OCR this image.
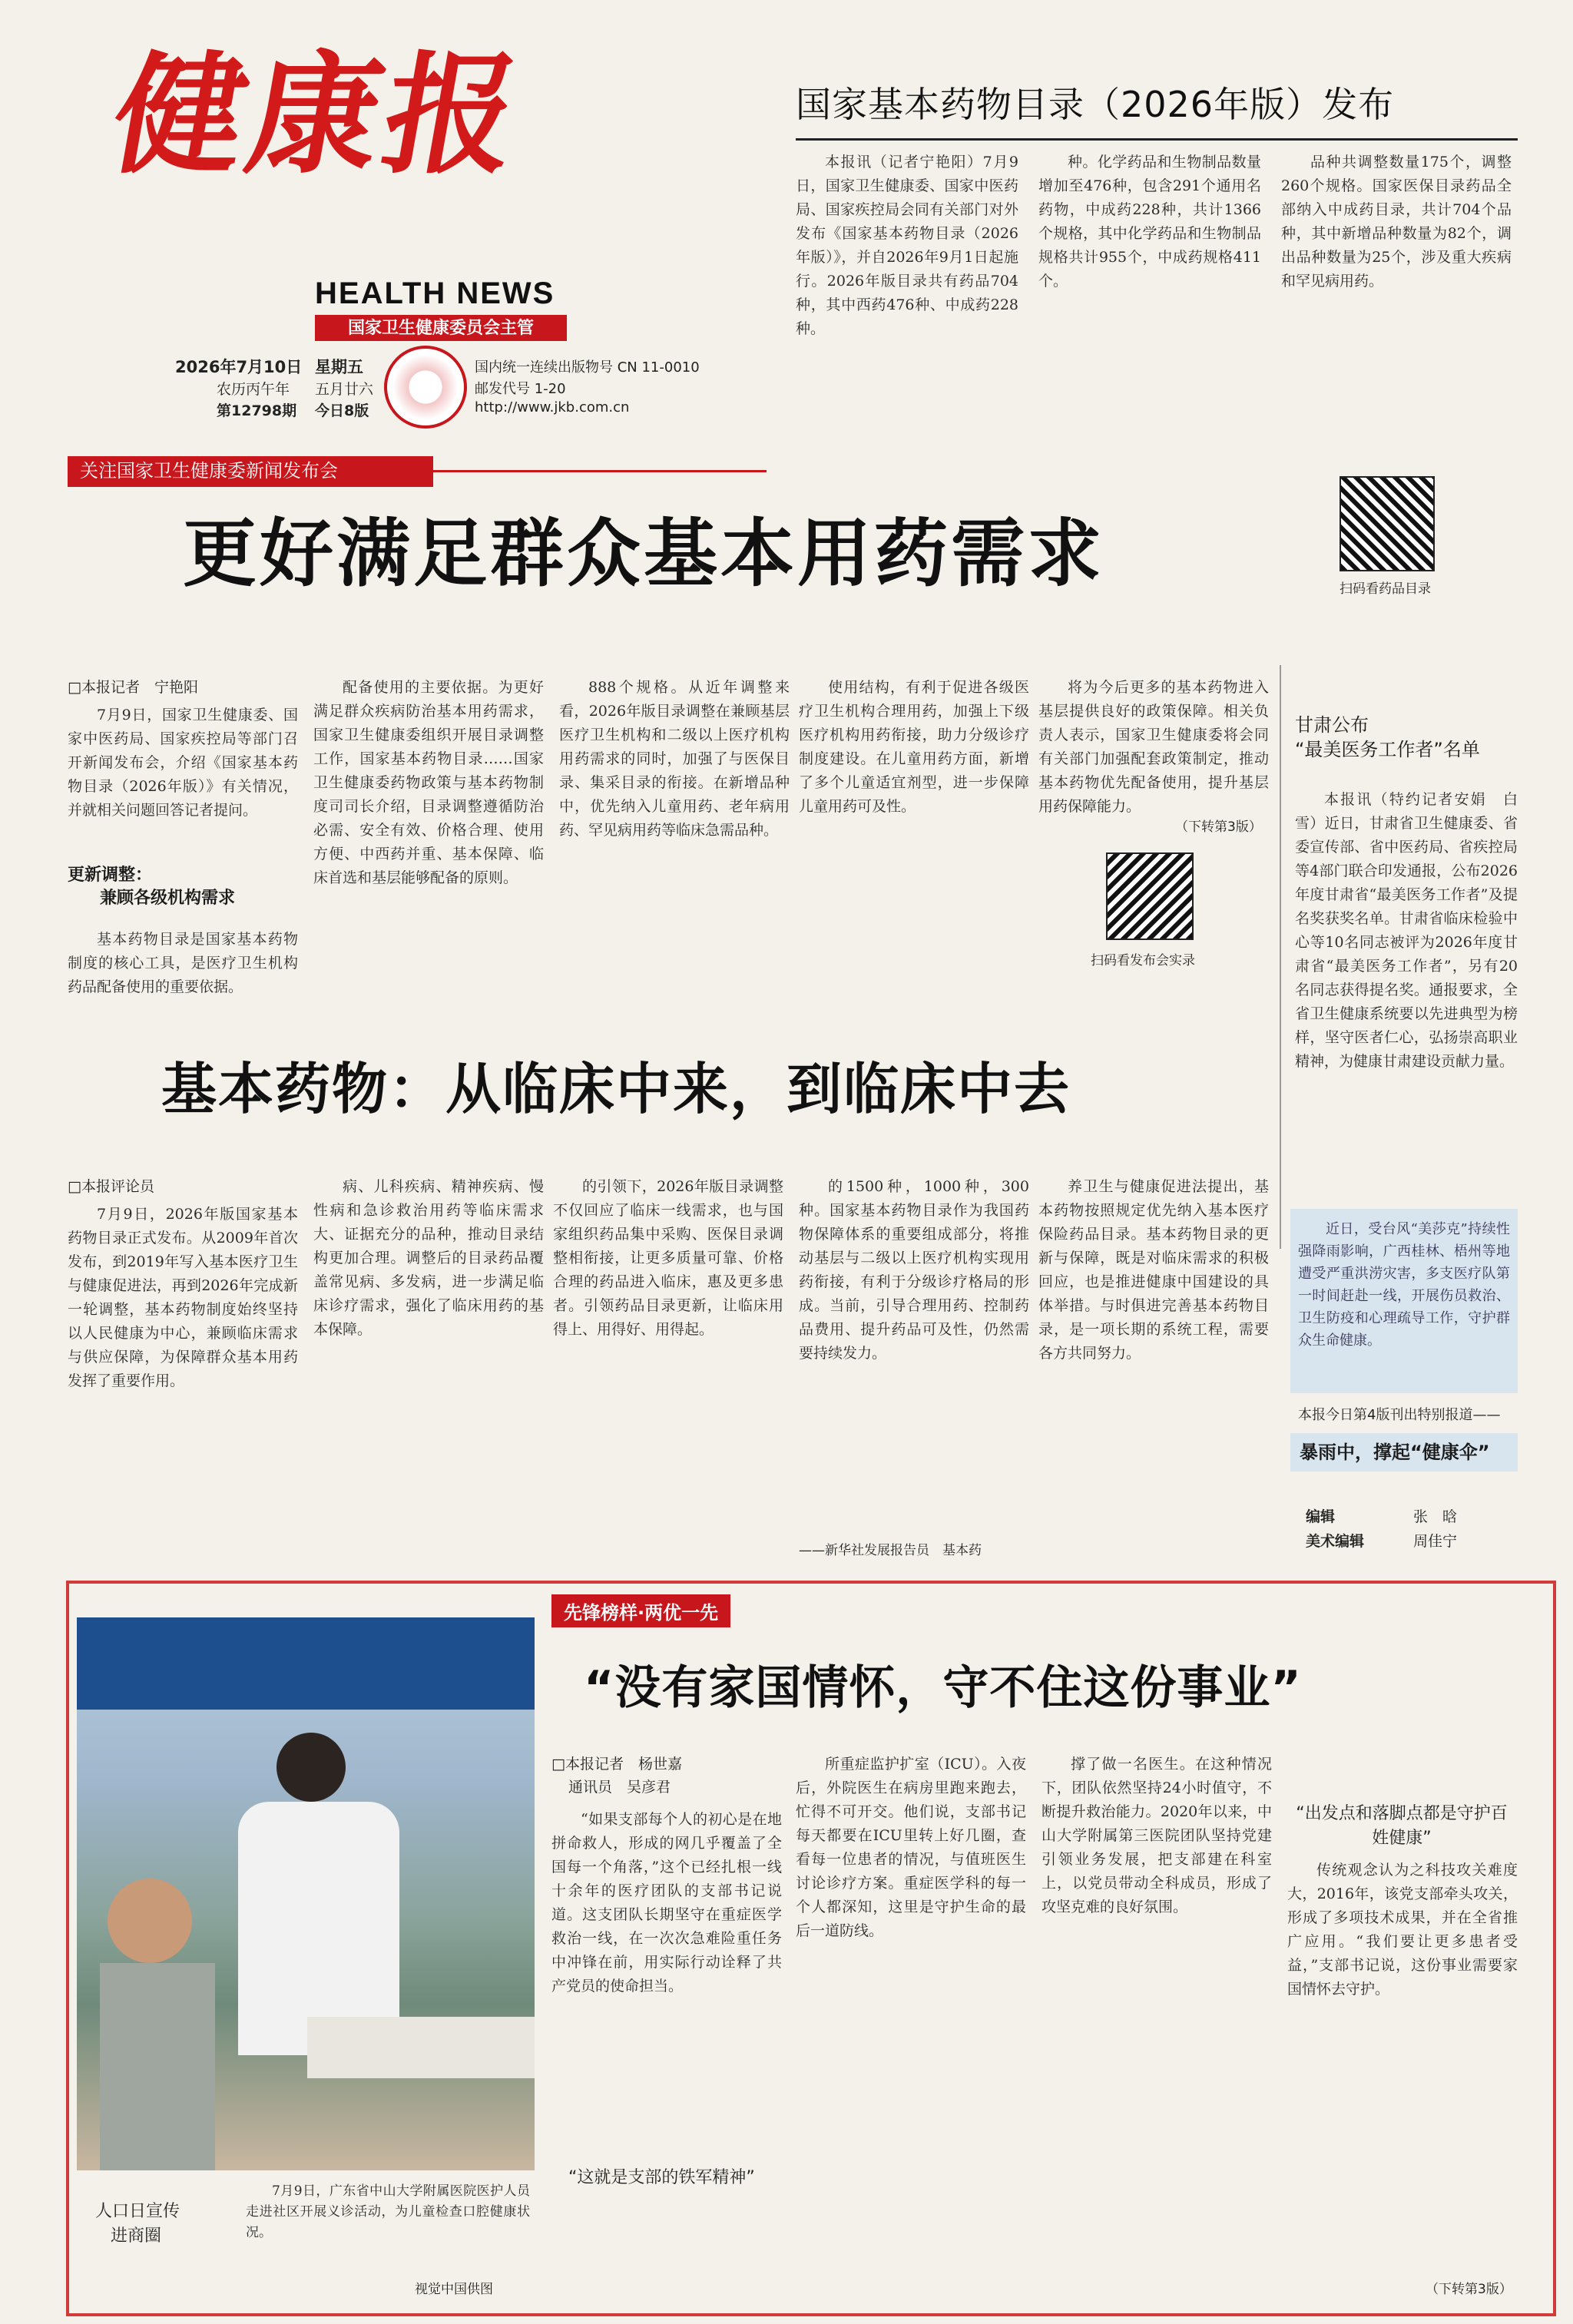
健康报
HEALTH NEWS
国家卫生健康委员会主管
2026年7月10日 星期五
农历丙午年 五月廿六
第12798期 今日8版
国内统一连续出版物号 CN 11-0010
邮发代号 1-20
http://www.jkb.com.cn
国家基本药物目录（2026年版）发布

本报讯（记者宁艳阳）7月9日，国家卫生健康委、国家中医药局、国家疾控局会同有关部门对外发布《国家基本药物目录（2026年版）》，并自2026年9月1日起施行。2026年版目录共有药品704种，其中西药476种、中成药228种。

种。化学药品和生物制品数量增加至476种，包含291个通用名药物，中成药228种，共计1366个规格，其中化学药品和生物制品规格共计955个，中成药规格411个。

品种共调整数量175个，调整260个规格。国家医保目录药品全部纳入中成药目录，共计704个品种，其中新增品种数量为82个，调出品种数量为25个，涉及重大疾病和罕见病用药。

扫码看药品目录
关注国家卫生健康委新闻发布会
更好满足群众基本用药需求
□本报记者　宁艳阳

7月9日，国家卫生健康委、国家中医药局、国家疾控局等部门召开新闻发布会，介绍《国家基本药物目录（2026年版）》有关情况，并就相关问题回答记者提问。

更新调整：
兼顾各级机构需求

基本药物目录是国家基本药物制度的核心工具，是医疗卫生机构药品配备使用的重要依据。

配备使用的主要依据。为更好满足群众疾病防治基本用药需求，国家卫生健康委组织开展目录调整工作，国家基本药物目录……国家卫生健康委药物政策与基本药物制度司司长介绍，目录调整遵循防治必需、安全有效、价格合理、使用方便、中西药并重、基本保障、临床首选和基层能够配备的原则。

888个规格。从近年调整来看，2026年版目录调整在兼顾基层医疗卫生机构和二级以上医疗机构用药需求的同时，加强了与医保目录、集采目录的衔接。在新增品种中，优先纳入儿童用药、老年病用药、罕见病用药等临床急需品种。

使用结构，有利于促进各级医疗卫生机构合理用药，加强上下级医疗机构用药衔接，助力分级诊疗制度建设。在儿童用药方面，新增了多个儿童适宜剂型，进一步保障儿童用药可及性。

将为今后更多的基本药物进入基层提供良好的政策保障。相关负责人表示，国家卫生健康委将会同有关部门加强配套政策制定，推动基本药物优先配备使用，提升基层用药保障能力。

（下转第3版）
扫码看发布会实录
甘肃公布
“最美医务工作者”名单

本报讯（特约记者安娟　白雪）近日，甘肃省卫生健康委、省委宣传部、省中医药局、省疾控局等4部门联合印发通报，公布2026年度甘肃省“最美医务工作者”及提名奖获奖名单。甘肃省临床检验中心等10名同志被评为2026年度甘肃省“最美医务工作者”，另有20名同志获得提名奖。通报要求，全省卫生健康系统要以先进典型为榜样，坚守医者仁心，弘扬崇高职业精神，为健康甘肃建设贡献力量。

基本药物：从临床中来，到临床中去
□本报评论员

7月9日，2026年版国家基本药物目录正式发布。从2009年首次发布，到2019年写入基本医疗卫生与健康促进法，再到2026年完成新一轮调整，基本药物制度始终坚持以人民健康为中心，兼顾临床需求与供应保障，为保障群众基本用药发挥了重要作用。

病、儿科疾病、精神疾病、慢性病和急诊救治用药等临床需求大、证据充分的品种，推动目录结构更加合理。调整后的目录药品覆盖常见病、多发病，进一步满足临床诊疗需求，强化了临床用药的基本保障。

的引领下，2026年版目录调整不仅回应了临床一线需求，也与国家组织药品集中采购、医保目录调整相衔接，让更多质量可靠、价格合理的药品进入临床，惠及更多患者。引领药品目录更新，让临床用得上、用得好、用得起。

的1500种，1000种，300种。国家基本药物目录作为我国药物保障体系的重要组成部分，将推动基层与二级以上医疗机构实现用药衔接，有利于分级诊疗格局的形成。当前，引导合理用药、控制药品费用、提升药品可及性，仍然需要持续发力。

养卫生与健康促进法提出，基本药物按照规定优先纳入基本医疗保险药品目录。基本药物目录的更新与保障，既是对临床需求的积极回应，也是推进健康中国建设的具体举措。与时俱进完善基本药物目录，是一项长期的系统工程，需要各方共同努力。

——新华社发展报告员　基本药

近日，受台风“美莎克”持续性强降雨影响，广西桂林、梧州等地遭受严重洪涝灾害，多支医疗队第一时间赶赴一线，开展伤员救治、卫生防疫和心理疏导工作，守护群众生命健康。

本报今日第4版刊出特别报道——
暴雨中，撑起“健康伞”
编辑	张　晗
美术编辑	周佳宁
人口日宣传
进商圈

7月9日，广东省中山大学附属医院医护人员走进社区开展义诊活动，为儿童检查口腔健康状况。

视觉中国供图
先锋榜样·两优一先
“没有家国情怀，守不住这份事业”
□本报记者　杨世嘉
通讯员　吴彦君

“如果支部每个人的初心是在地拼命救人，形成的网几乎覆盖了全国每一个角落，”这个已经扎根一线十余年的医疗团队的支部书记说道。这支团队长期坚守在重症医学救治一线，在一次次急难险重任务中冲锋在前，用实际行动诠释了共产党员的使命担当。

“这就是支部的铁军精神”

所重症监护扩室（ICU）。入夜后，外院医生在病房里跑来跑去，忙得不可开交。他们说，支部书记每天都要在ICU里转上好几圈，查看每一位患者的情况，与值班医生讨论诊疗方案。重症医学科的每一个人都深知，这里是守护生命的最后一道防线。

撑了做一名医生。在这种情况下，团队依然坚持24小时值守，不断提升救治能力。2020年以来，中山大学附属第三医院团队坚持党建引领业务发展，把支部建在科室上，以党员带动全科成员，形成了攻坚克难的良好氛围。

“出发点和落脚点都是守护百姓健康”

传统观念认为之科技攻关难度大，2016年，该党支部牵头攻关，形成了多项技术成果，并在全省推广应用。“我们要让更多患者受益，”支部书记说，这份事业需要家国情怀去守护。

（下转第3版）
